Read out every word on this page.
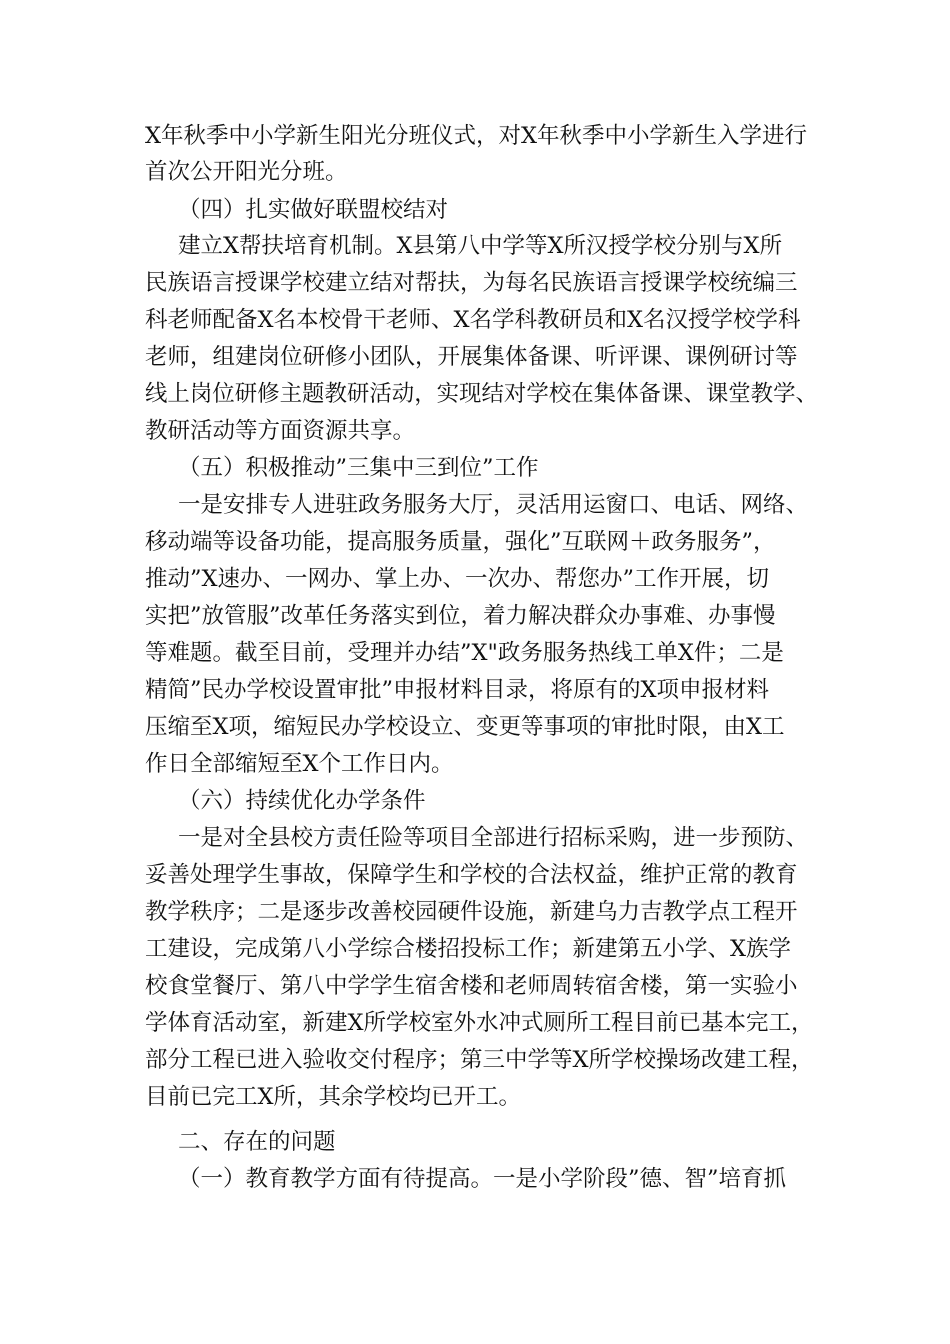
X年秋季中小学新生阳光分班仪式，对X年秋季中小学新生入学进行
首次公开阳光分班。
（四）扎实做好联盟校结对
建立X帮扶培育机制。X县第八中学等X所汉授学校分别与X所
民族语言授课学校建立结对帮扶，为每名民族语言授课学校统编三
科老师配备X名本校骨干老师、X名学科教研员和X名汉授学校学科
老师，组建岗位研修小团队，开展集体备课、听评课、课例研讨等
线上岗位研修主题教研活动，实现结对学校在集体备课、课堂教学、
教研活动等方面资源共享。
（五）积极推动”三集中三到位”工作
一是安排专人进驻政务服务大厅，灵活用运窗口、电话、网络、
移动端等设备功能，提高服务质量，强化”互联网＋政务服务”，
推动”X速办、一网办、掌上办、一次办、帮您办”工作开展，切
实把”放管服”改革任务落实到位，着力解决群众办事难、办事慢
等难题。截至目前，受理并办结”X"政务服务热线工单X件；二是
精简”民办学校设置审批”申报材料目录，将原有的X项申报材料
压缩至X项，缩短民办学校设立、变更等事项的审批时限，由X工
作日全部缩短至X个工作日内。
（六）持续优化办学条件
一是对全县校方责任险等项目全部进行招标采购，进一步预防、
妥善处理学生事故，保障学生和学校的合法权益，维护正常的教育
教学秩序；二是逐步改善校园硬件设施，新建乌力吉教学点工程开
工建设，完成第八小学综合楼招投标工作；新建第五小学、X族学
校食堂餐厅、第八中学学生宿舍楼和老师周转宿舍楼，第一实验小
学体育活动室，新建X所学校室外水冲式厕所工程目前已基本完工，
部分工程已进入验收交付程序；第三中学等X所学校操场改建工程，
目前已完工X所，其余学校均已开工。
二、存在的问题
（一）教育教学方面有待提高。一是小学阶段”德、智”培育抓
